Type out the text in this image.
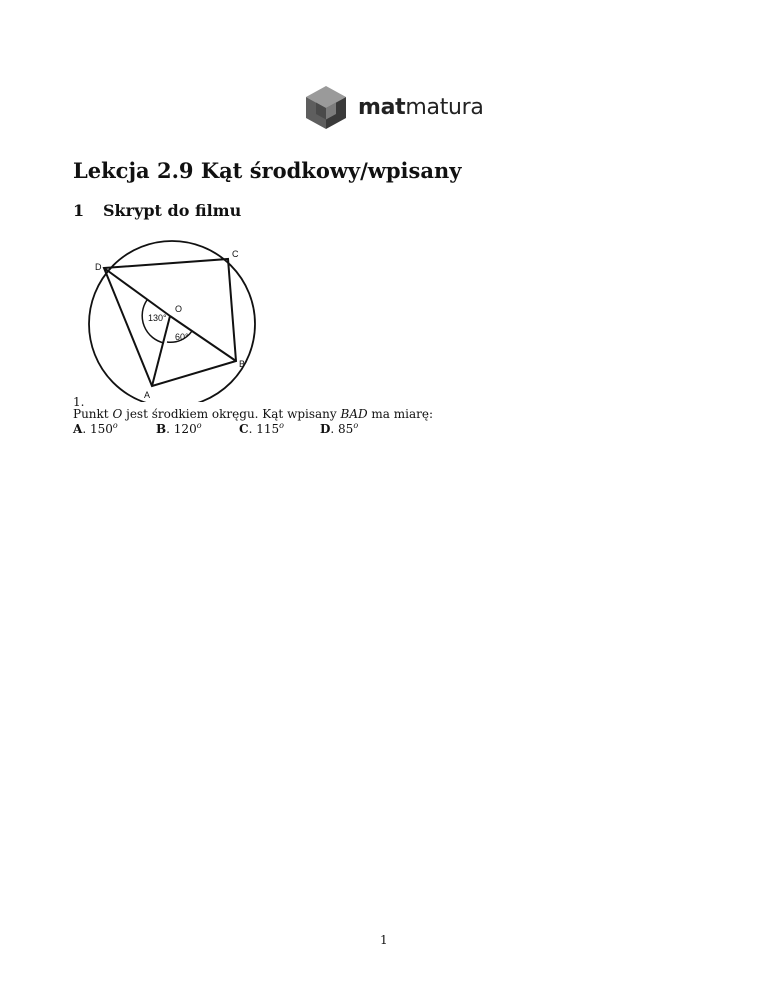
matmatura
Lekcja 2.9 Kąt środkowy/wpisany
1 Skrypt do filmu
D
C
O
B
A
130°
60°
1.
Punkt O jest środkiem okręgu. Kąt wpisany BAD ma miarę:
A. 150$^o$	B. 120$^o$	C. 115$^o$	D. 85$^o$
1
